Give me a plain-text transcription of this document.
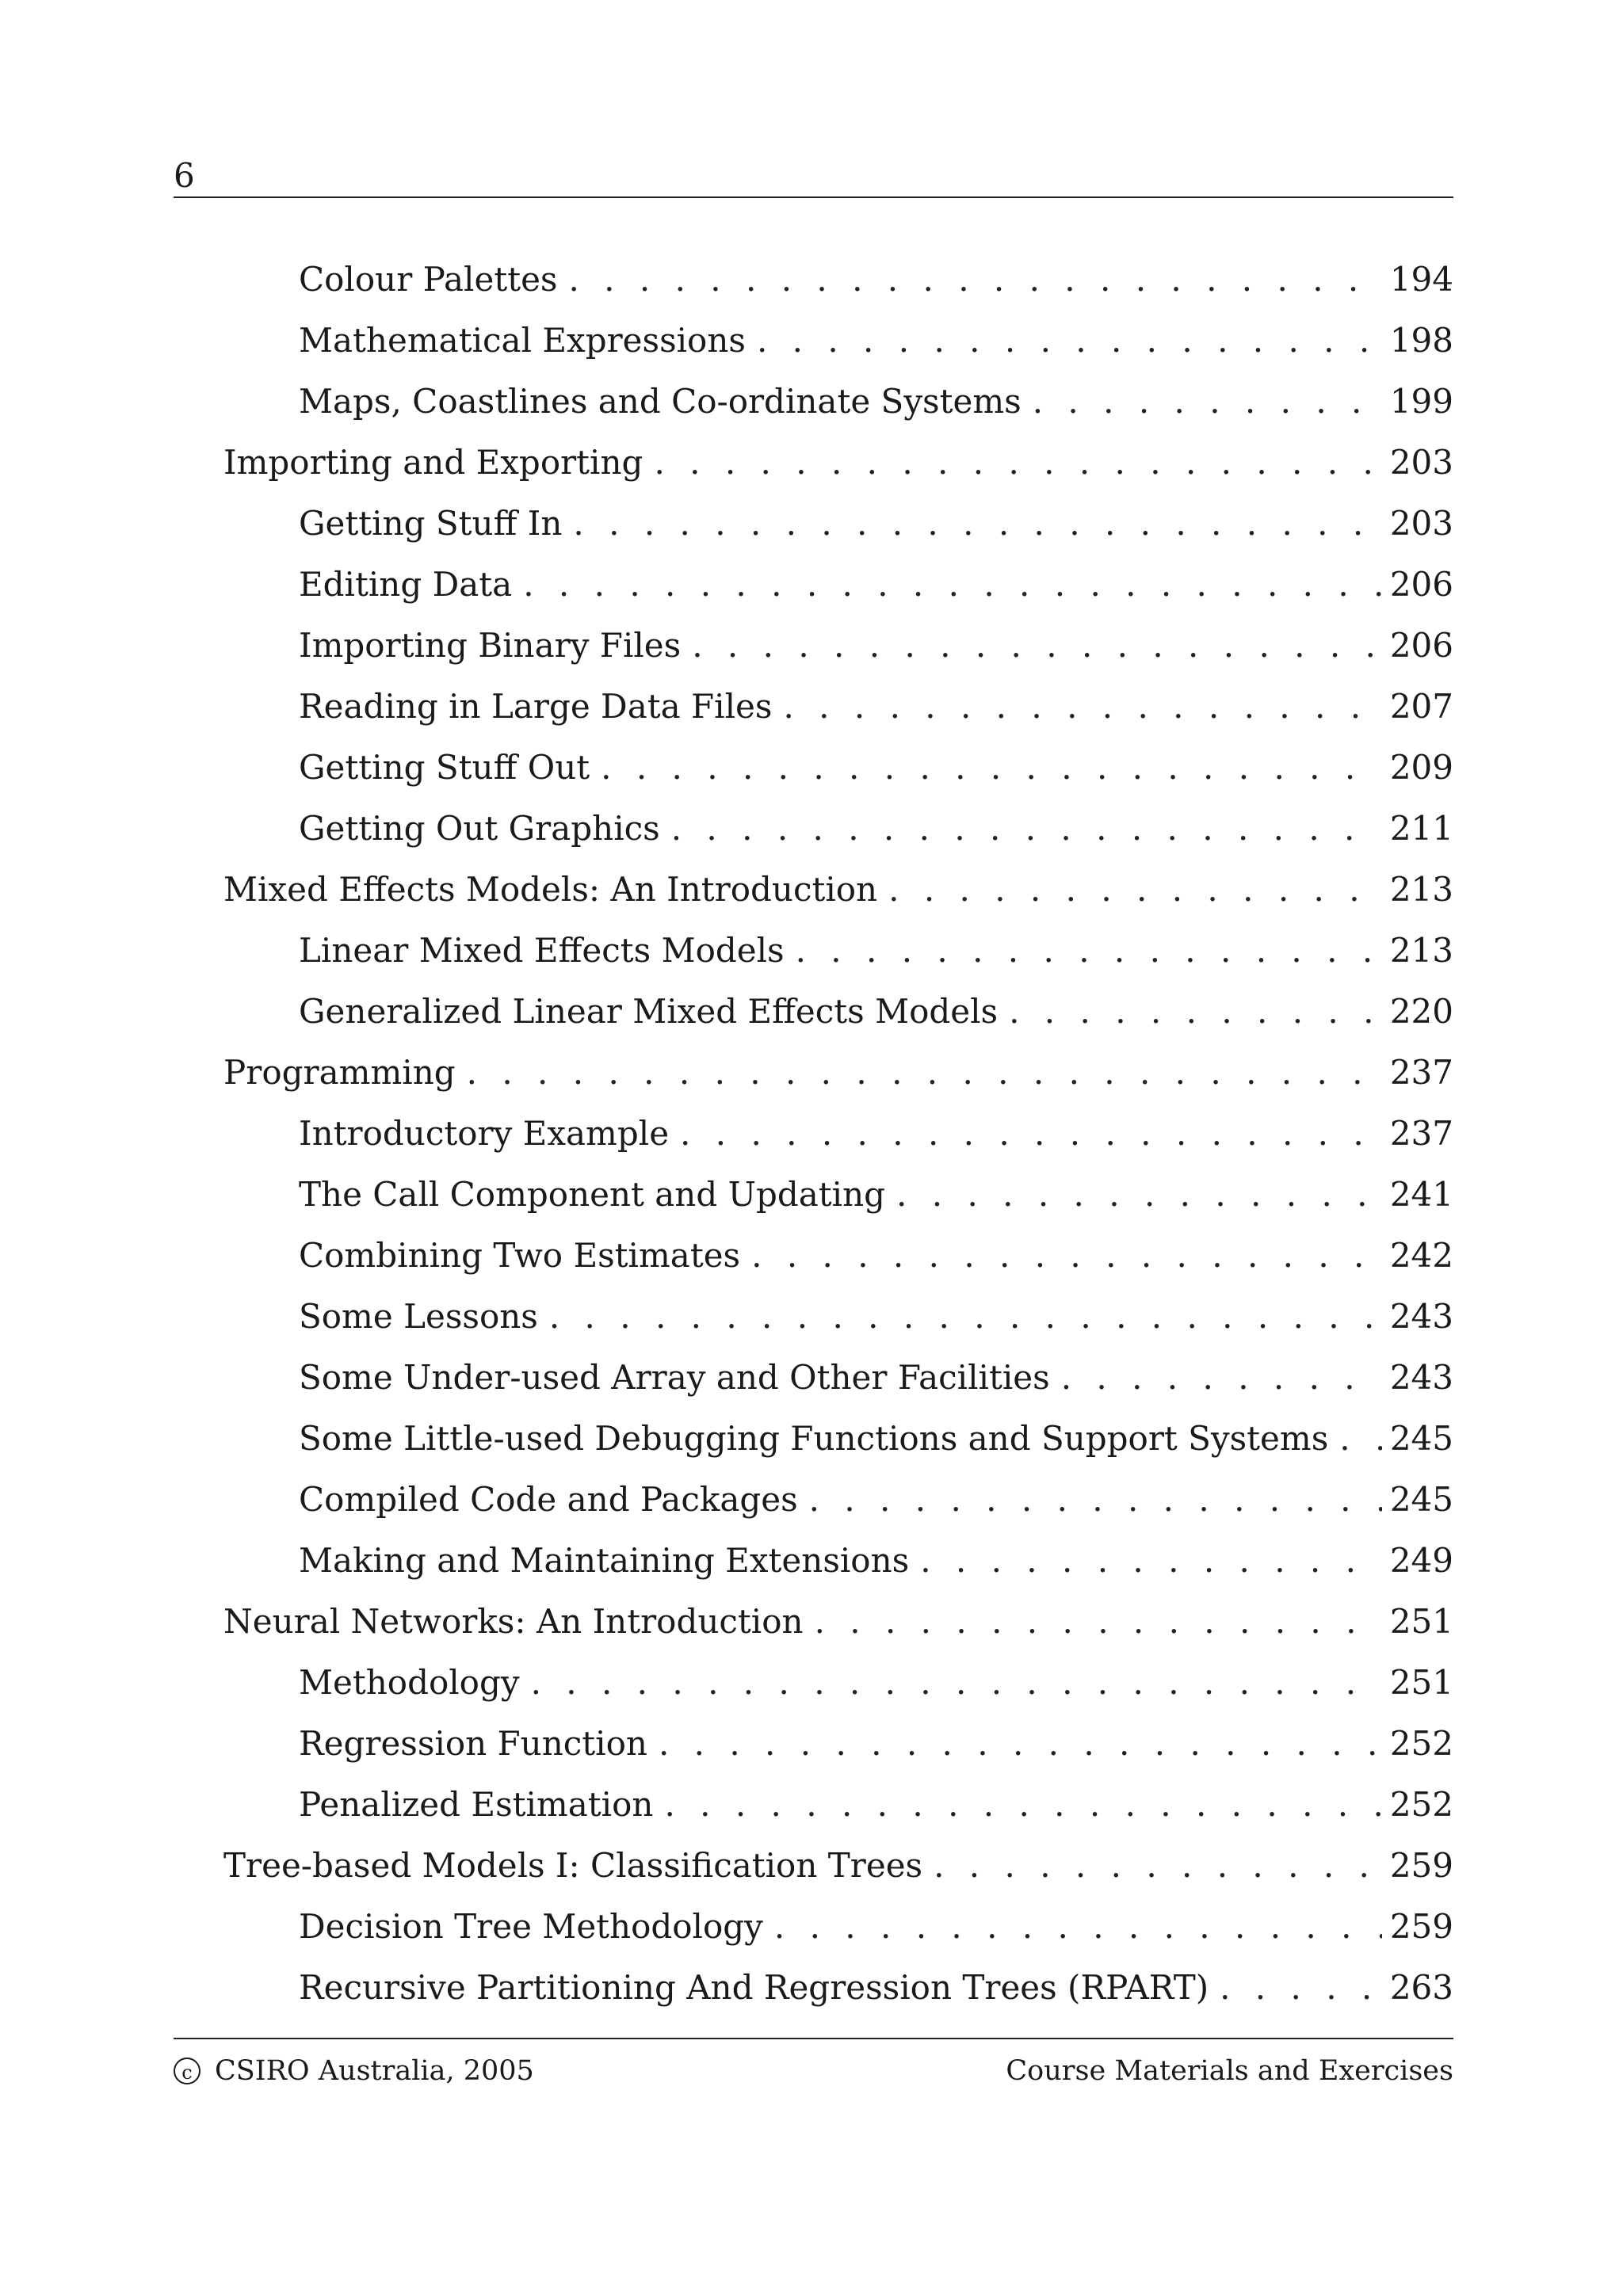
6
Colour Palettes . . .	194
Mathematical Expressions . . .	198
Maps, Coastlines and Co-ordinate Systems . . .	199
Importing and Exporting . . .	203
Getting Stuff In . . .	203
Editing Data . . .	206
Importing Binary Files . . .	206
Reading in Large Data Files . . .	207
Getting Stuff Out . . .	209
Getting Out Graphics . . .	211
Mixed Effects Models: An Introduction . . .	213
Linear Mixed Effects Models . . .	213
Generalized Linear Mixed Effects Models . . .	220
Programming . . .	237
Introductory Example . . .	237
The Call Component and Updating . . .	241
Combining Two Estimates . . .	242
Some Lessons . . .	243
Some Under-used Array and Other Facilities . . .	243
Some Little-used Debugging Functions and Support Systems . . .	245
Compiled Code and Packages . . .	245
Making and Maintaining Extensions . . .	249
Neural Networks: An Introduction . . .	251
Methodology . . .	251
Regression Function . . .	252
Penalized Estimation . . .	252
Tree-based Models I: Classification Trees . . .	259
Decision Tree Methodology . . .	259
Recursive Partitioning And Regression Trees (RPART) . . .	263
c CSIRO Australia, 2005	Course Materials and Exercises
